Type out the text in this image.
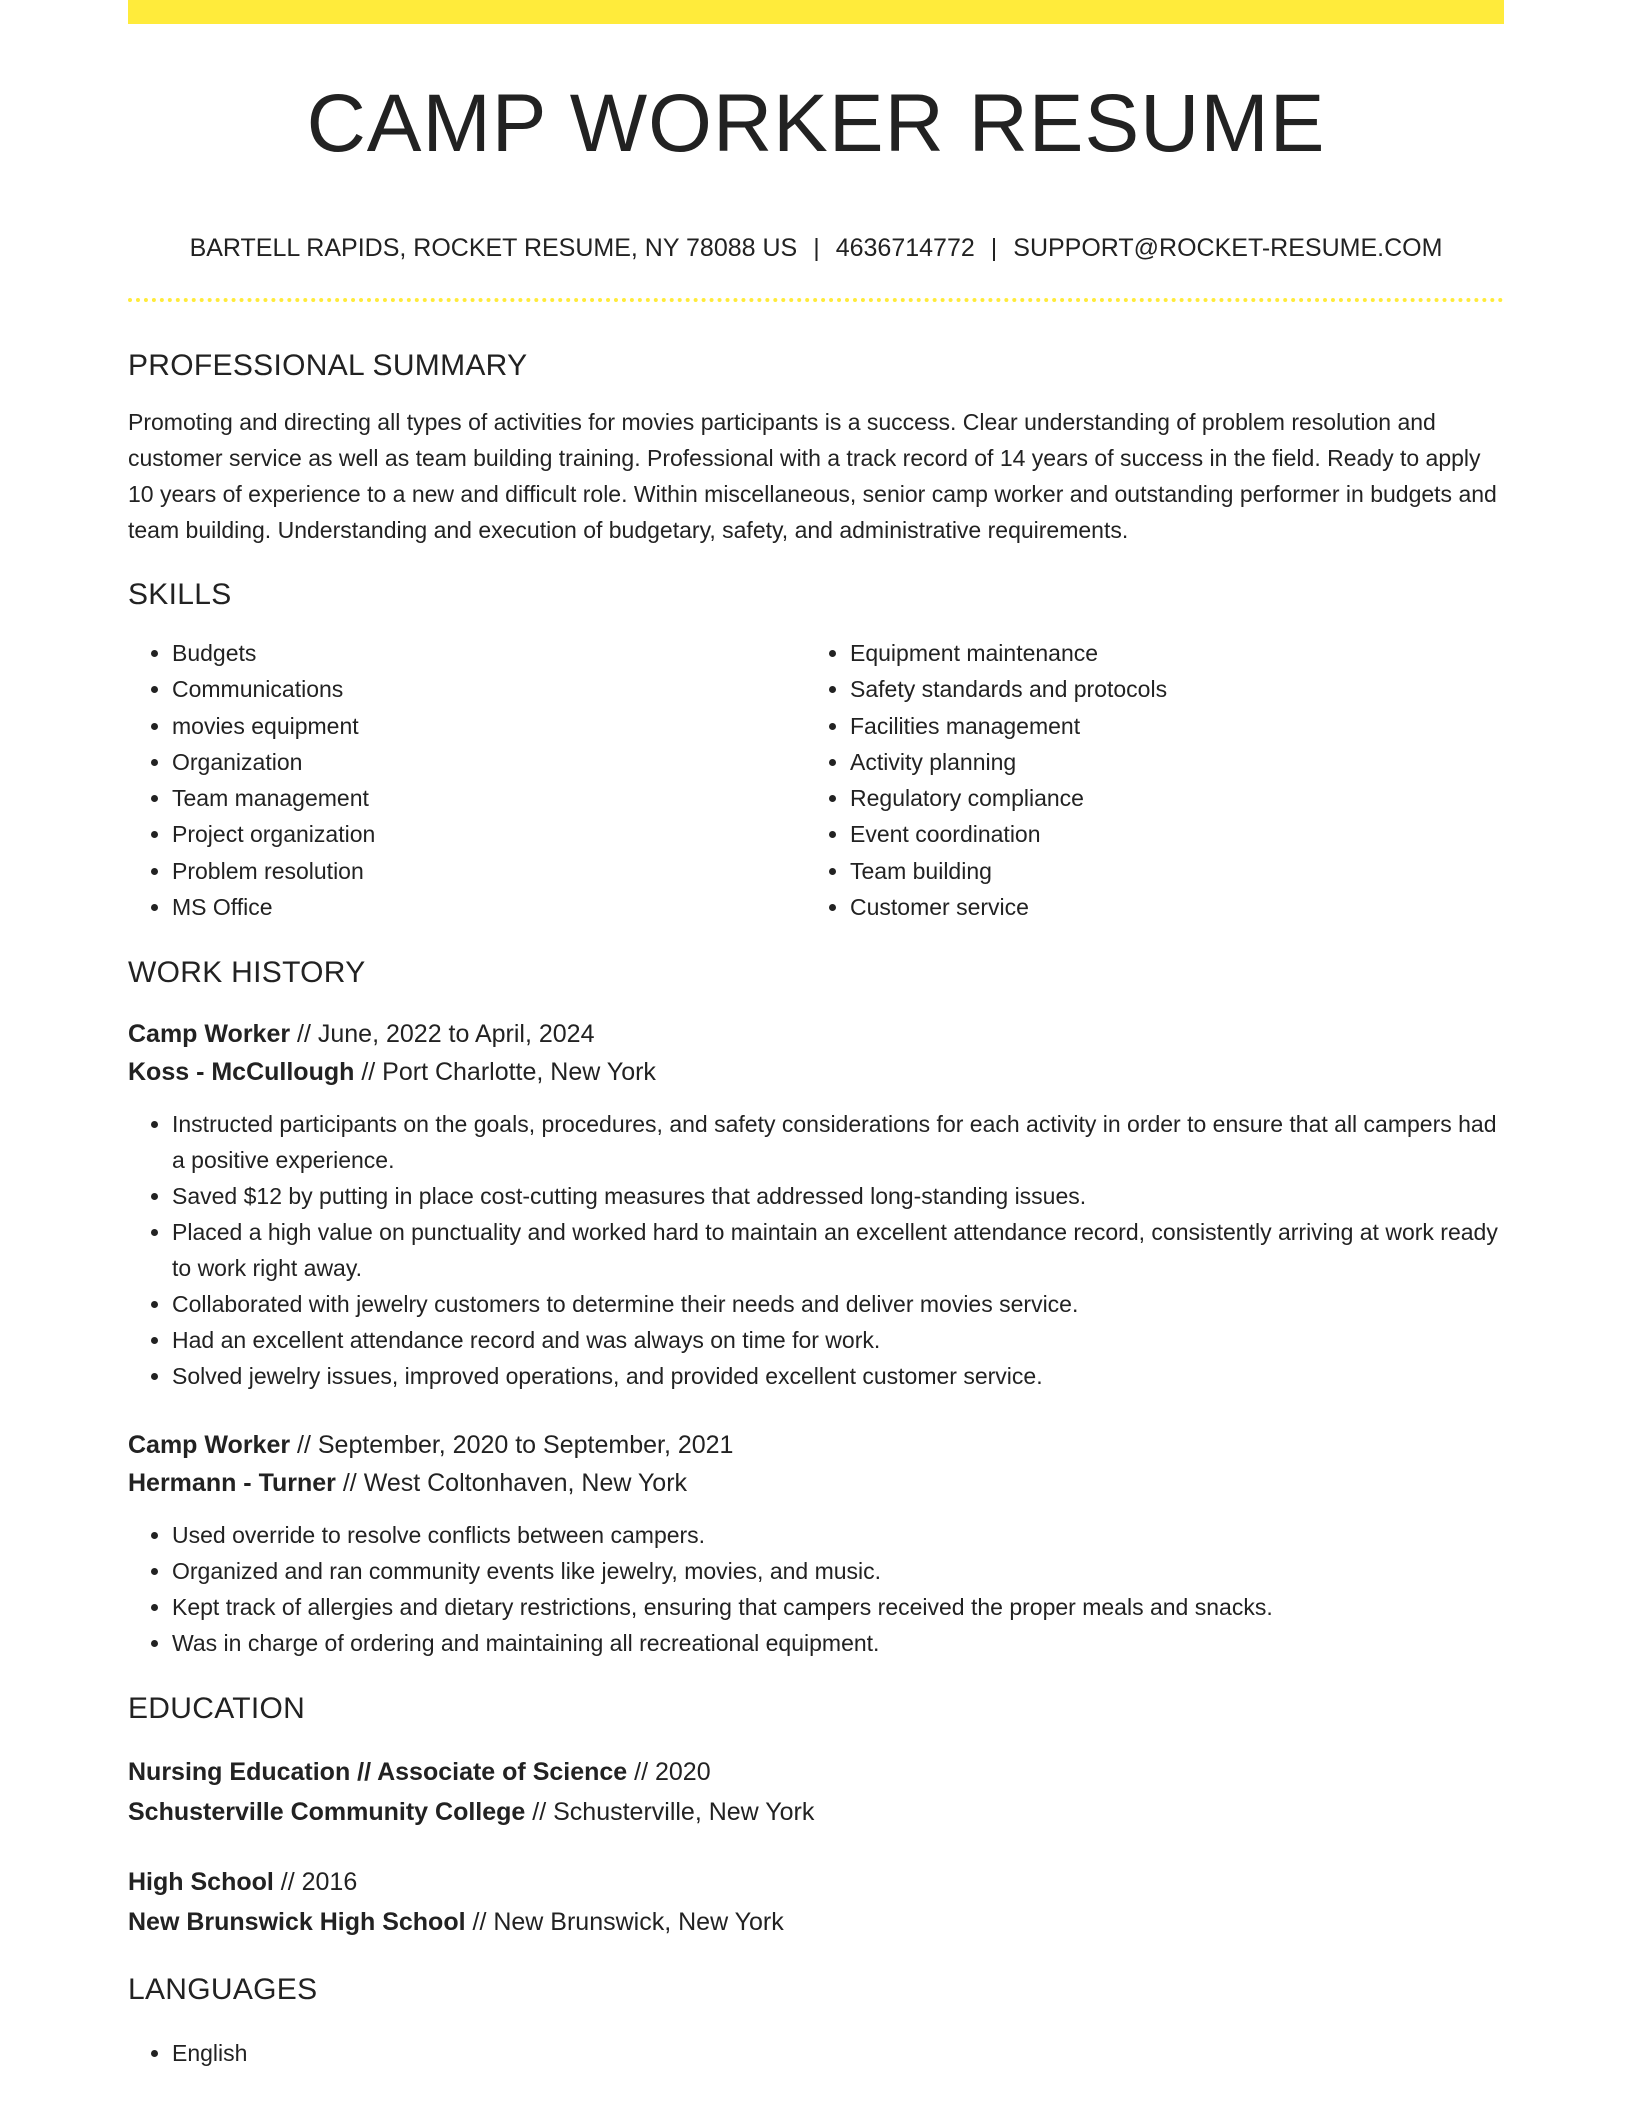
CAMP WORKER RESUME
BARTELL RAPIDS, ROCKET RESUME, NY 78088 US | 4636714772 | SUPPORT@ROCKET-RESUME.COM
PROFESSIONAL SUMMARY
Promoting and directing all types of activities for movies participants is a success. Clear understanding of problem resolution and customer service as well as team building training. Professional with a track record of 14 years of success in the field. Ready to apply 10 years of experience to a new and difficult role. Within miscellaneous, senior camp worker and outstanding performer in budgets and team building. Understanding and execution of budgetary, safety, and administrative requirements.
SKILLS
• Budgets
• Communications
• movies equipment
• Organization
• Team management
• Project organization
• Problem resolution
• MS Office
• Equipment maintenance
• Safety standards and protocols
• Facilities management
• Activity planning
• Regulatory compliance
• Event coordination
• Team building
• Customer service
WORK HISTORY
Camp Worker // June, 2022 to April, 2024
Koss - McCullough // Port Charlotte, New York
• Instructed participants on the goals, procedures, and safety considerations for each activity in order to ensure that all campers had a positive experience.
• Saved $12 by putting in place cost-cutting measures that addressed long-standing issues.
• Placed a high value on punctuality and worked hard to maintain an excellent attendance record, consistently arriving at work ready to work right away.
• Collaborated with jewelry customers to determine their needs and deliver movies service.
• Had an excellent attendance record and was always on time for work.
• Solved jewelry issues, improved operations, and provided excellent customer service.
Camp Worker // September, 2020 to September, 2021
Hermann - Turner // West Coltonhaven, New York
• Used override to resolve conflicts between campers.
• Organized and ran community events like jewelry, movies, and music.
• Kept track of allergies and dietary restrictions, ensuring that campers received the proper meals and snacks.
• Was in charge of ordering and maintaining all recreational equipment.
EDUCATION
Nursing Education // Associate of Science // 2020
Schusterville Community College // Schusterville, New York
High School // 2016
New Brunswick High School // New Brunswick, New York
LANGUAGES
• English
